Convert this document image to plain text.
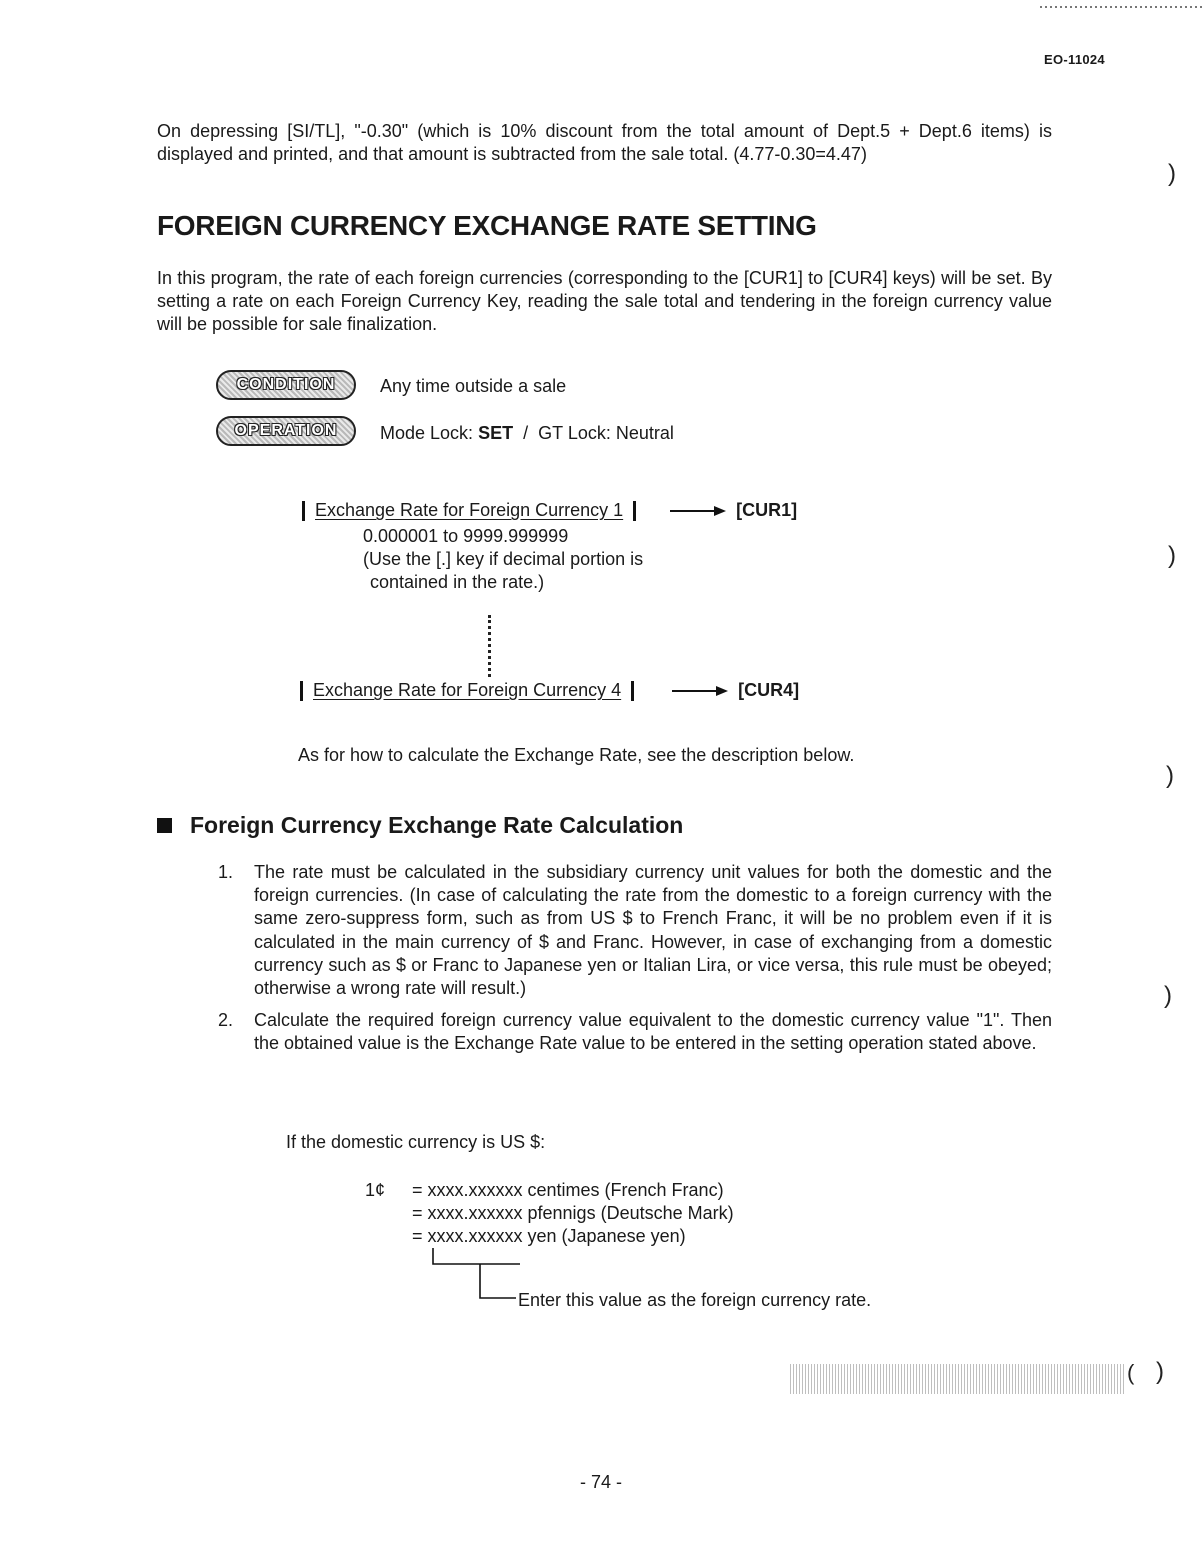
EO-11024

On depressing [SI/TL], "-0.30" (which is 10% discount from the total amount of Dept.5 + Dept.6 items) is displayed and printed, and that amount is subtracted from the sale total. (4.77-0.30=4.47)

FOREIGN CURRENCY EXCHANGE RATE SETTING

In this program, the rate of each foreign currencies (corresponding to the [CUR1] to [CUR4] keys) will be set. By setting a rate on each Foreign Currency Key, reading the sale total and tendering in the foreign currency value will be possible for sale finalization.

CONDITION	Any time outside a sale
OPERATION	Mode Lock: SET / GT Lock: Neutral
Exchange Rate for Foreign Currency 1	[CUR1]
0.000001 to 9999.999999
(Use the [.] key if decimal portion is
contained in the rate.)
Exchange Rate for Foreign Currency 4	[CUR4]
As for how to calculate the Exchange Rate, see the description below.
Foreign Currency Exchange Rate Calculation
1.	The rate must be calculated in the subsidiary currency unit values for both the domestic and the foreign currencies. (In case of calculating the rate from the domestic to a foreign currency with the same zero-suppress form, such as from US $ to French Franc, it will be no problem even if it is calculated in the main currency of $ and Franc. However, in case of exchanging from a domestic currency such as $ or Franc to Japanese yen or Italian Lira, or vice versa, this rule must be obeyed; otherwise a wrong rate will result.)
2.	Calculate the required foreign currency value equivalent to the domestic currency value "1". Then the obtained value is the Exchange Rate value to be entered in the setting operation stated above.
If the domestic currency is US $:
1¢ = xxxx.xxxxxx centimes (French Franc)
= xxxx.xxxxxx pfennigs (Deutsche Mark)
= xxxx.xxxxxx yen (Japanese yen)
Enter this value as the foreign currency rate.
- 74 -
)
)
)
)
( )
